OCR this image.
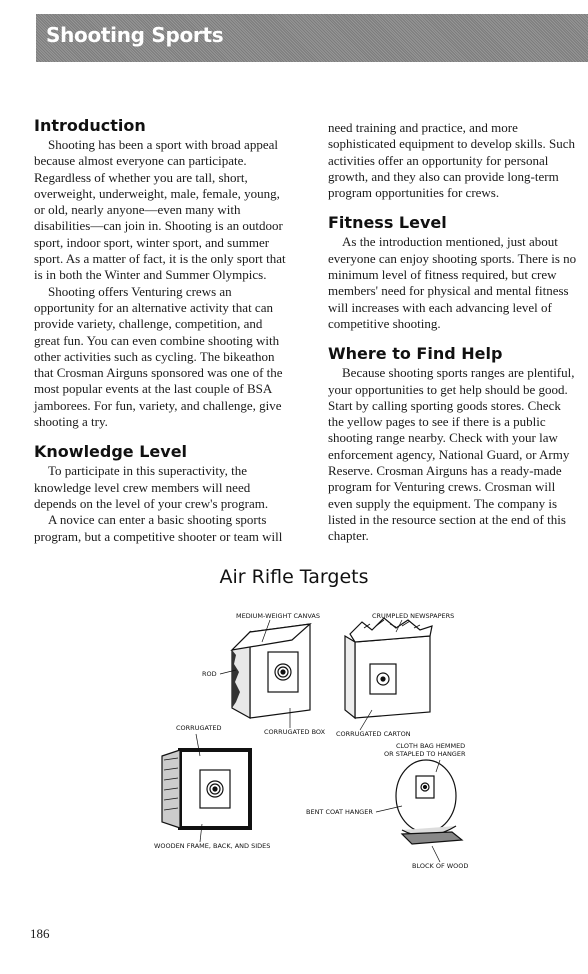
Shooting Sports
Introduction

Shooting has been a sport with broad appeal because almost everyone can participate. Regardless of whether you are tall, short, overweight, underweight, male, female, young, or old, nearly anyone—even many with disabilities—can join in. Shooting is an outdoor sport, indoor sport, winter sport, and summer sport. As a matter of fact, it is the only sport that is in both the Winter and Summer Olympics.

Shooting offers Venturing crews an opportunity for an alternative activity that can provide variety, challenge, competition, and great fun. You can even combine shooting with other activities such as cycling. The bikeathon that Crosman Airguns sponsored was one of the most popular events at the last couple of BSA jamborees. For fun, variety, and challenge, give shooting a try.

Knowledge Level

To participate in this superactivity, the knowledge level crew members will need depends on the level of your crew's program.

A novice can enter a basic shooting sports program, but a competitive shooter or team will

need training and practice, and more sophisticated equipment to develop skills. Such activities offer an opportunity for personal growth, and they also can provide long-term program opportunities for crews.

Fitness Level

As the introduction mentioned, just about everyone can enjoy shooting sports. There is no minimum level of fitness required, but crew members' need for physical and mental fitness will increases with each advancing level of competitive shooting.

Where to Find Help

Because shooting sports ranges are plentiful, your opportunities to get help should be good. Start by calling sporting goods stores. Check the yellow pages to see if there is a public shooting range nearby. Check with your law enforcement agency, National Guard, or Army Reserve. Crosman Airguns has a ready-made program for Venturing crews. Crosman will even supply the equipment. The company is listed in the resource section at the end of this chapter.

Air Rifle Targets
MEDIUM-WEIGHT CANVAS
ROD
CORRUGATED BOX
CRUMPLED NEWSPAPERS
CORRUGATED CARTON
CORRUGATED
WOODEN FRAME, BACK, AND SIDES
CLOTH BAG HEMMED
OR STAPLED TO HANGER
BENT COAT HANGER
BLOCK OF WOOD
186
